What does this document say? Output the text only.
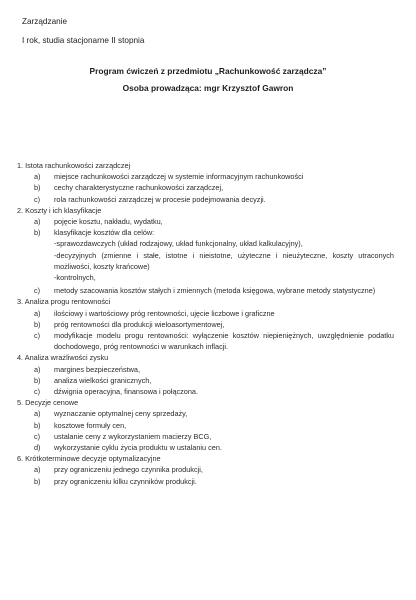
Zarządzanie
I rok, studia stacjonarne II stopnia
Program ćwiczeń z przedmiotu „Rachunkowość zarządcza”
Osoba prowadząca: mgr Krzysztof Gawron
1. Istota rachunkowości zarządczej
a) miejsce rachunkowości zarządczej w systemie informacyjnym rachunkowości
b) cechy charakterystyczne rachunkowości zarządczej,
c) rola rachunkowości zarządczej w procesie podejmowania decyzji.
2. Koszty i ich klasyfikacje
a) pojęcie kosztu, nakładu, wydatku,
b) klasyfikacje kosztów dla celów:
-sprawozdawczych (układ rodzajowy, układ funkcjonalny, układ kalkulacyjny),
-decyzyjnych (zmienne i stałe, istotne i nieistotne, użyteczne i nieużyteczne, koszty utraconych możliwości, koszty krańcowe)
-kontrolnych,
c) metody szacowania kosztów stałych i zmiennych (metoda księgowa, wybrane metody statystyczne)
3. Analiza progu rentowności
a) ilościowy i wartościowy próg rentowności, ujęcie liczbowe i graficzne
b) próg rentowności dla produkcji wieloasortymentowej,
c) modyfikacje modelu progu rentowności: wyłączenie kosztów niepieniężnych, uwzględnienie podatku dochodowego, próg rentowności w warunkach inflacji.
4. Analiza wrażliwości zysku
a) margines bezpieczeństwa,
b) analiza wielkości granicznych,
c) dźwignia operacyjna, finansowa i połączona.
5. Decyzje cenowe
a) wyznaczanie optymalnej ceny sprzedaży,
b) kosztowe formuły cen,
c) ustalanie ceny z wykorzystaniem macierzy BCG,
d) wykorzystanie cyklu życia produktu w ustalaniu cen.
6. Krótkoterminowe decyzje optymalizacyjne
a) przy ograniczeniu jednego czynnika produkcji,
b) przy ograniczeniu kilku czynników produkcji.
